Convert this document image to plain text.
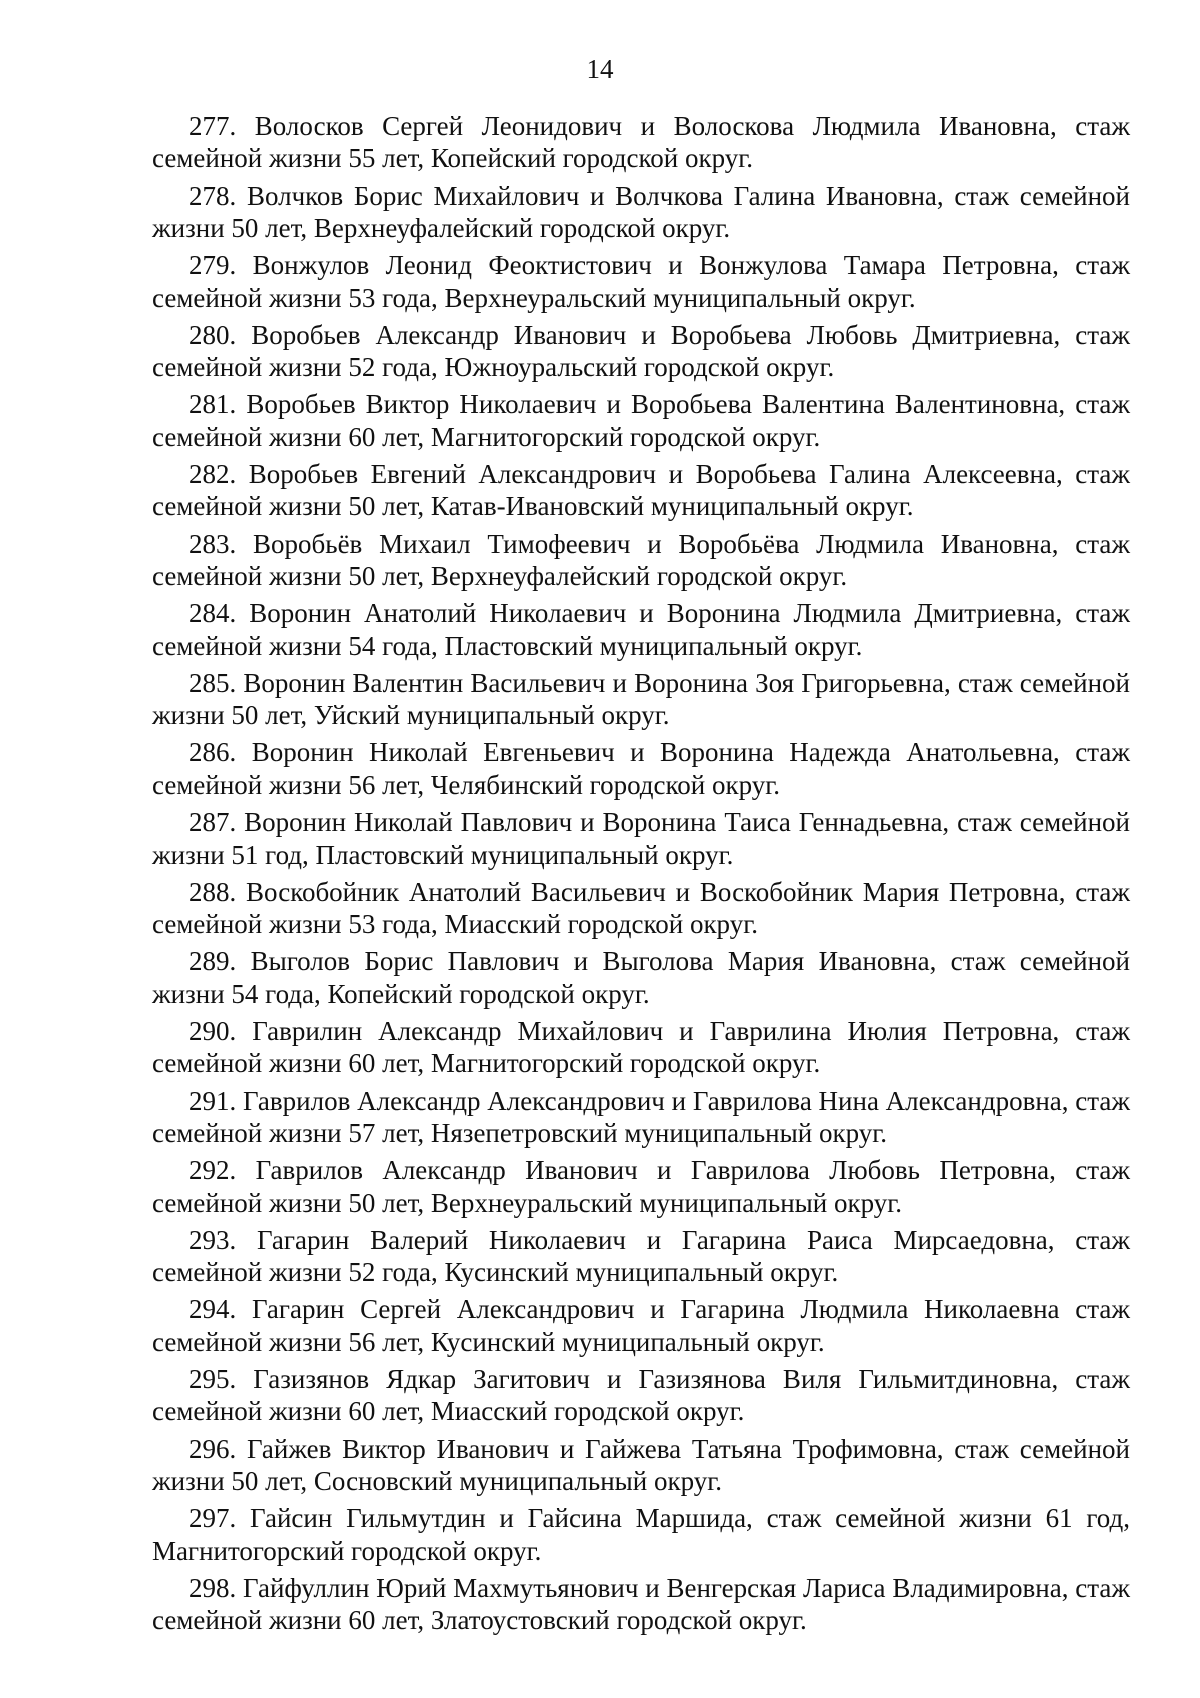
14

277. Волосков Сергей Леонидович и Волоскова Людмила Ивановна, стаж семейной жизни 55 лет, Копейский городской округ.

278. Волчков Борис Михайлович и Волчкова Галина Ивановна, стаж семейной жизни 50 лет, Верхнеуфалейский городской округ.

279. Вонжулов Леонид Феоктистович и Вонжулова Тамара Петровна, стаж семейной жизни 53 года, Верхнеуральский муниципальный округ.

280. Воробьев Александр Иванович и Воробьева Любовь Дмитриевна, стаж семейной жизни 52 года, Южноуральский городской округ.

281. Воробьев Виктор Николаевич и Воробьева Валентина Валентиновна, стаж семейной жизни 60 лет, Магнитогорский городской округ.

282. Воробьев Евгений Александрович и Воробьева Галина Алексеевна, стаж семейной жизни 50 лет, Катав-Ивановский муниципальный округ.

283. Воробьёв Михаил Тимофеевич и Воробьёва Людмила Ивановна, стаж семейной жизни 50 лет, Верхнеуфалейский городской округ.

284. Воронин Анатолий Николаевич и Воронина Людмила Дмитриевна, стаж семейной жизни 54 года, Пластовский муниципальный округ.

285. Воронин Валентин Васильевич и Воронина Зоя Григорьевна, стаж семейной жизни 50 лет, Уйский муниципальный округ.

286. Воронин Николай Евгеньевич и Воронина Надежда Анатольевна, стаж семейной жизни 56 лет, Челябинский городской округ.

287. Воронин Николай Павлович и Воронина Таиса Геннадьевна, стаж семейной жизни 51 год, Пластовский муниципальный округ.

288. Воскобойник Анатолий Васильевич и Воскобойник Мария Петровна, стаж семейной жизни 53 года, Миасский городской округ.

289. Выголов Борис Павлович и Выголова Мария Ивановна, стаж семейной жизни 54 года, Копейский городской округ.

290. Гаврилин Александр Михайлович и Гаврилина Июлия Петровна, стаж семейной жизни 60 лет, Магнитогорский городской округ.

291. Гаврилов Александр Александрович и Гаврилова Нина Александровна, стаж семейной жизни 57 лет, Нязепетровский муниципальный округ.

292. Гаврилов Александр Иванович и Гаврилова Любовь Петровна, стаж семейной жизни 50 лет, Верхнеуральский муниципальный округ.

293. Гагарин Валерий Николаевич и Гагарина Раиса Мирсаедовна, стаж семейной жизни 52 года, Кусинский муниципальный округ.

294. Гагарин Сергей Александрович и Гагарина Людмила Николаевна стаж семейной жизни 56 лет, Кусинский муниципальный округ.

295. Газизянов Ядкар Загитович и Газизянова Виля Гильмитдиновна, стаж семейной жизни 60 лет, Миасский городской округ.

296. Гайжев Виктор Иванович и Гайжева Татьяна Трофимовна, стаж семейной жизни 50 лет, Сосновский муниципальный округ.

297. Гайсин Гильмутдин и Гайсина Маршида, стаж семейной жизни 61 год, Магнитогорский городской округ.

298. Гайфуллин Юрий Махмутьянович и Венгерская Лариса Владимировна, стаж семейной жизни 60 лет, Златоустовский городской округ.
